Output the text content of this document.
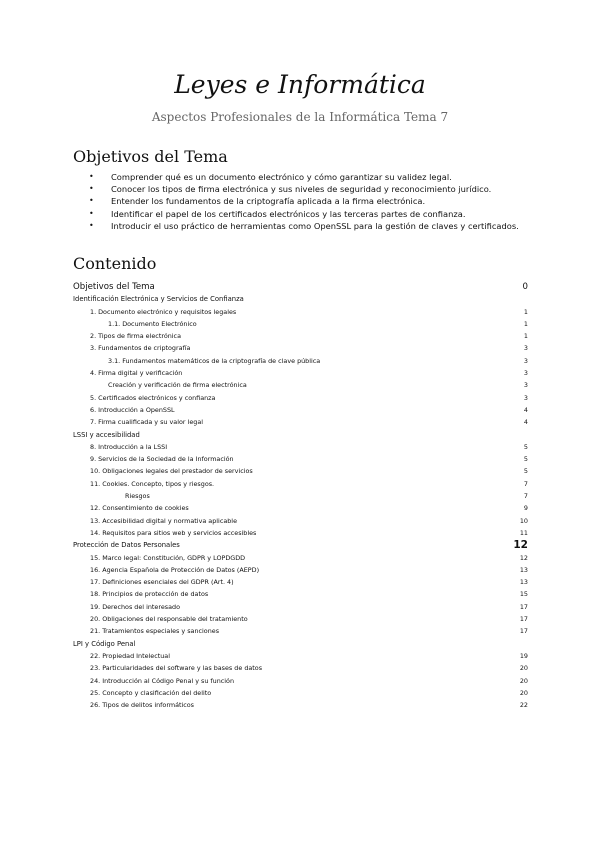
Leyes e Informática
Aspectos Profesionales de la Informática Tema 7
Objetivos del Tema
• Comprender qué es un documento electrónico y cómo garantizar su validez legal.
• Conocer los tipos de firma electrónica y sus niveles de seguridad y reconocimiento jurídico.
• Entender los fundamentos de la criptografía aplicada a la firma electrónica.
• Identificar el papel de los certificados electrónicos y las terceras partes de confianza.
• Introducir el uso práctico de herramientas como OpenSSL para la gestión de claves y certificados.
Contenido
Objetivos del Tema	0
Identificación Electrónica y Servicios de Confianza
1. Documento electrónico y requisitos legales	1
1.1. Documento Electrónico	1
2. Tipos de firma electrónica	1
3. Fundamentos de criptografía	3
3.1. Fundamentos matemáticos de la criptografía de clave pública	3
4. Firma digital y verificación	3
Creación y verificación de firma electrónica	3
5. Certificados electrónicos y confianza	3
6. Introducción a OpenSSL	4
7. Firma cualificada y su valor legal	4
LSSI y accesibilidad
8. Introducción a la LSSI	5
9. Servicios de la Sociedad de la Información	5
10. Obligaciones legales del prestador de servicios	5
11. Cookies. Concepto, tipos y riesgos.	7
Riesgos	7
12. Consentimiento de cookies	9
13. Accesibilidad digital y normativa aplicable	10
14. Requisitos para sitios web y servicios accesibles	11
Protección de Datos Personales	12
15. Marco legal: Constitución, GDPR y LOPDGDD	12
16. Agencia Española de Protección de Datos (AEPD)	13
17. Definiciones esenciales del GDPR (Art. 4)	13
18. Principios de protección de datos	15
19. Derechos del interesado	17
20. Obligaciones del responsable del tratamiento	17
21. Tratamientos especiales y sanciones	17
LPI y Código Penal
22. Propiedad Intelectual	19
23. Particularidades del software y las bases de datos	20
24. Introducción al Código Penal y su función	20
25. Concepto y clasificación del delito	20
26. Tipos de delitos informáticos	22
